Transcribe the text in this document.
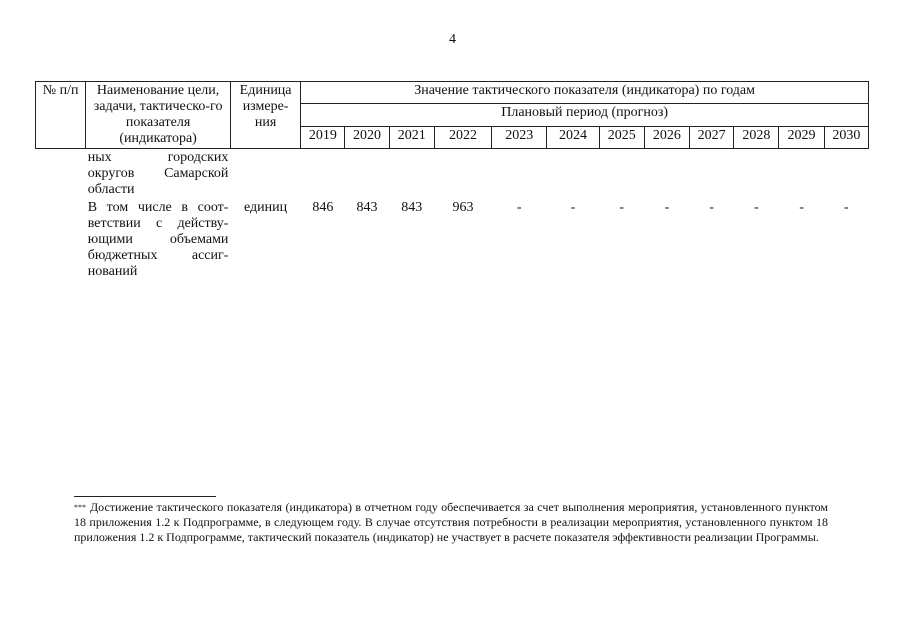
4
№ п/п	Наименование цели, задачи, тактическо-го показателя (индикатора)	Единица измере-ния	Значение тактического показателя (индикатора) по годам											
			Плановый период (прогноз)											
			2019	2020	2021	2022	2023	2024	2025	2026	2027	2028	2029	2030

	ных городских
округов Самарской
области													

	В том числе в соот-
ветствии с действу-
ющими объемами
бюджетных ассиг-
нований	единиц	846	843	843	963	-	-	-	-	-	-	-	-
*** Достижение тактического показателя (индикатора) в отчетном году обеспечивается за счет выполнения мероприятия, установленного пунктом 18 приложения 1.2 к Подпрограмме, в следующем году. В случае отсутствия потребности в реализации мероприятия, установленного пунктом 18 приложения 1.2 к Подпрограмме, тактический показатель (индикатор) не участвует в расчете показателя эффективности реализации Программы.
